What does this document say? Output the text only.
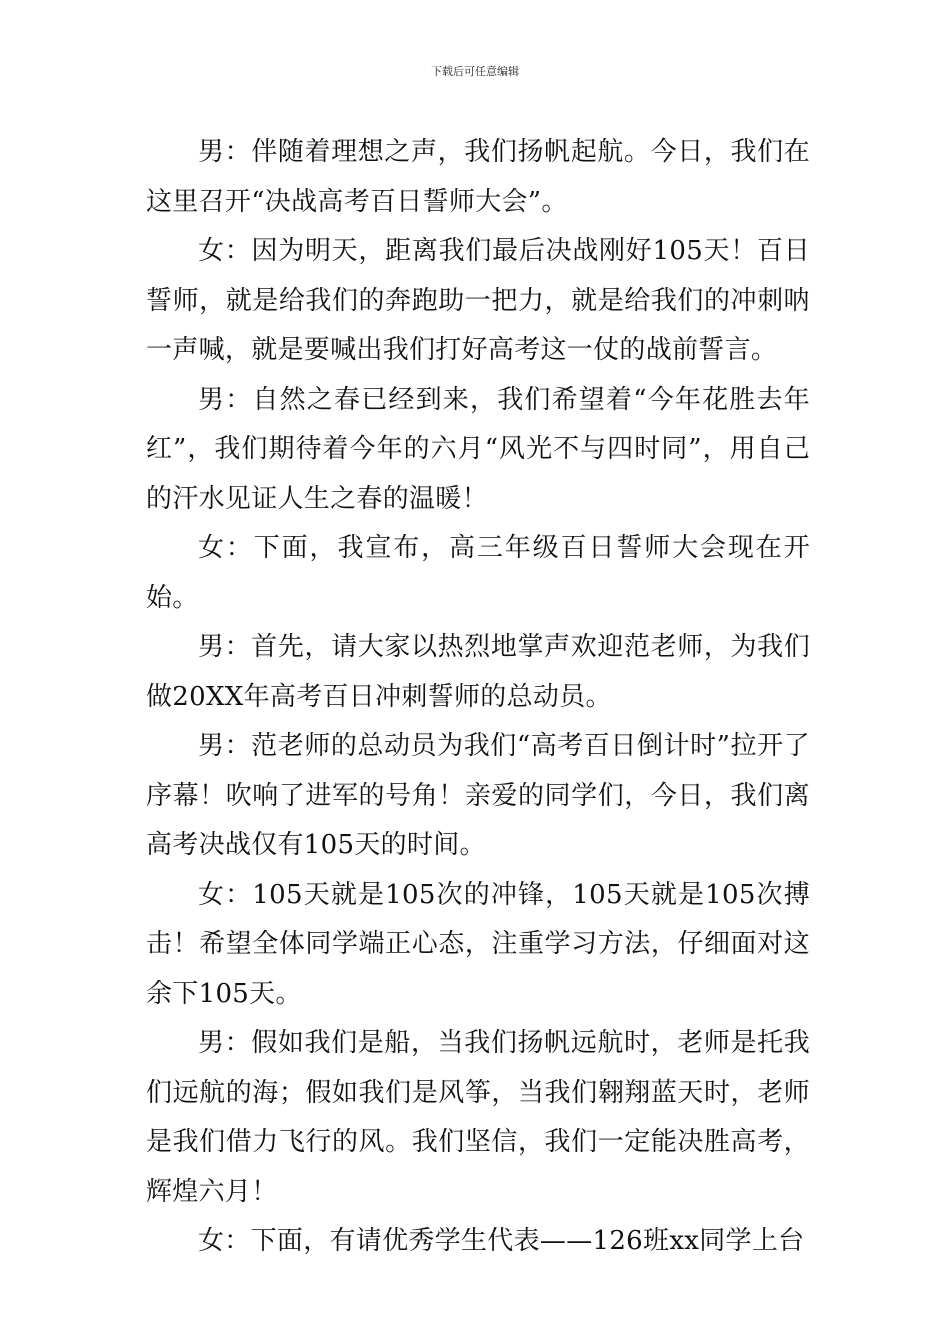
下载后可任意编辑

男：伴随着理想之声，我们扬帆起航。今日，我们在这里召开“决战高考百日誓师大会”。

女：因为明天，距离我们最后决战刚好105天！百日誓师，就是给我们的奔跑助一把力，就是给我们的冲刺呐一声喊，就是要喊出我们打好高考这一仗的战前誓言。

男：自然之春已经到来，我们希望着“今年花胜去年红”，我们期待着今年的六月“风光不与四时同”，用自己的汗水见证人生之春的温暖！

女：下面，我宣布，高三年级百日誓师大会现在开始。

男：首先，请大家以热烈地掌声欢迎范老师，为我们做20XX年高考百日冲刺誓师的总动员。

男：范老师的总动员为我们“高考百日倒计时”拉开了序幕！吹响了进军的号角！亲爱的同学们，今日，我们离高考决战仅有105天的时间。

女：105天就是105次的冲锋，105天就是105次搏击！希望全体同学端正心态，注重学习方法，仔细面对这余下105天。

男：假如我们是船，当我们扬帆远航时，老师是托我们远航的海；假如我们是风筝，当我们翱翔蓝天时，老师是我们借力飞行的风。我们坚信，我们一定能决胜高考，辉煌六月！

女：下面，有请优秀学生代表——126班xx同学上台
